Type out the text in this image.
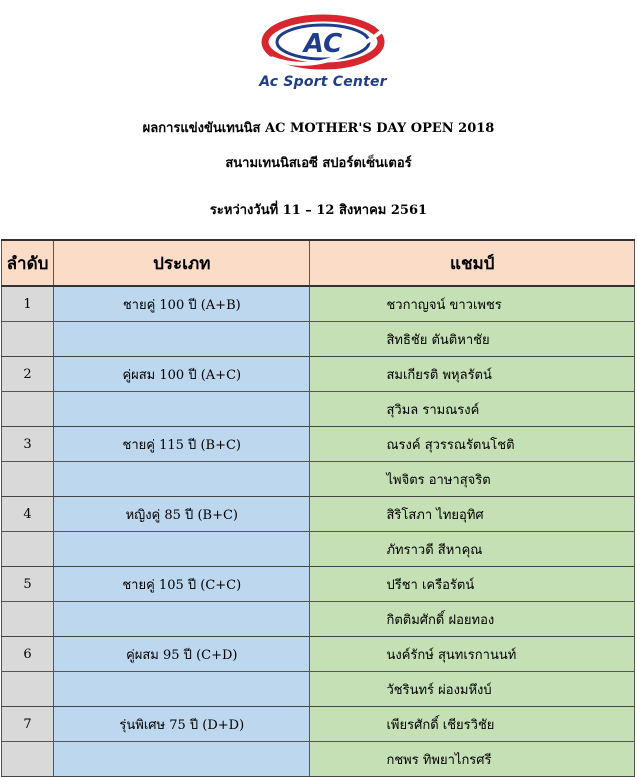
AC
Ac Sport Center
ผลการแข่งขันเทนนิส AC MOTHER'S DAY OPEN 2018
สนามเทนนิสเอซี สปอร์ตเซ็นเตอร์
ระหว่างวันที่ 11 – 12 สิงหาคม 2561
ลำดับ	ประเภท	แชมป์
1	ชายคู่ 100 ปี (A+B)	ชวกาญจน์ ขาวเพชร
		สิทธิชัย ตันติหาชัย
2	คู่ผสม 100 ปี (A+C)	สมเกียรติ พหุลรัตน์
		สุวิมล รามณรงค์
3	ชายคู่ 115 ปี (B+C)	ณรงค์ สุวรรณรัตนโชติ
		ไพจิตร อาษาสุจริต
4	หญิงคู่ 85 ปี (B+C)	สิริโสภา ไทยอุทิศ
		ภัทราวดี สีหาคุณ
5	ชายคู่ 105 ปี (C+C)	ปรีชา เครือรัตน์
		กิตติมศักดิ์ ฝอยทอง
6	คู่ผสม 95 ปี (C+D)	นงค์รักษ์ สุนทเรกานนท์
		วัชรินทร์ ผ่องมหึงบ์
7	รุ่นพิเศษ 75 ปี (D+D)	เพียรศักดิ์ เชียรวิชัย
		กชพร ทิพยาไกรศรี
